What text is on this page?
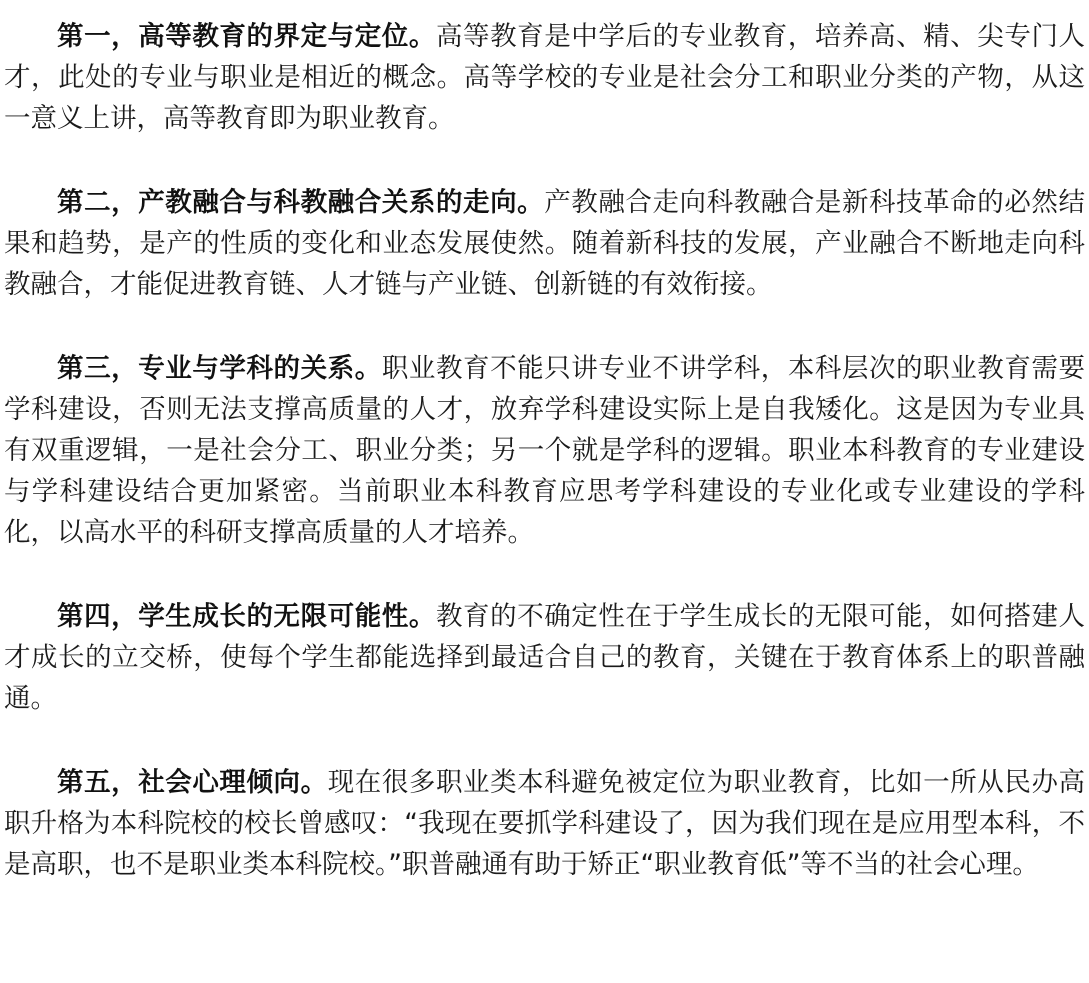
第一，高等教育的界定与定位。高等教育是中学后的专业教育，培养高、精、尖专门人才，此处的专业与职业是相近的概念。高等学校的专业是社会分工和职业分类的产物，从这一意义上讲，高等教育即为职业教育。

第二，产教融合与科教融合关系的走向。产教融合走向科教融合是新科技革命的必然结果和趋势，是产的性质的变化和业态发展使然。随着新科技的发展，产业融合不断地走向科教融合，才能促进教育链、人才链与产业链、创新链的有效衔接。

第三，专业与学科的关系。职业教育不能只讲专业不讲学科，本科层次的职业教育需要学科建设，否则无法支撑高质量的人才，放弃学科建设实际上是自我矮化。这是因为专业具有双重逻辑，一是社会分工、职业分类；另一个就是学科的逻辑。职业本科教育的专业建设与学科建设结合更加紧密。当前职业本科教育应思考学科建设的专业化或专业建设的学科化，以高水平的科研支撑高质量的人才培养。

第四，学生成长的无限可能性。教育的不确定性在于学生成长的无限可能，如何搭建人才成长的立交桥，使每个学生都能选择到最适合自己的教育，关键在于教育体系上的职普融通。

第五，社会心理倾向。现在很多职业类本科避免被定位为职业教育，比如一所从民办高职升格为本科院校的校长曾感叹：“我现在要抓学科建设了，因为我们现在是应用型本科，不是高职，也不是职业类本科院校。”职普融通有助于矫正“职业教育低”等不当的社会心理。
